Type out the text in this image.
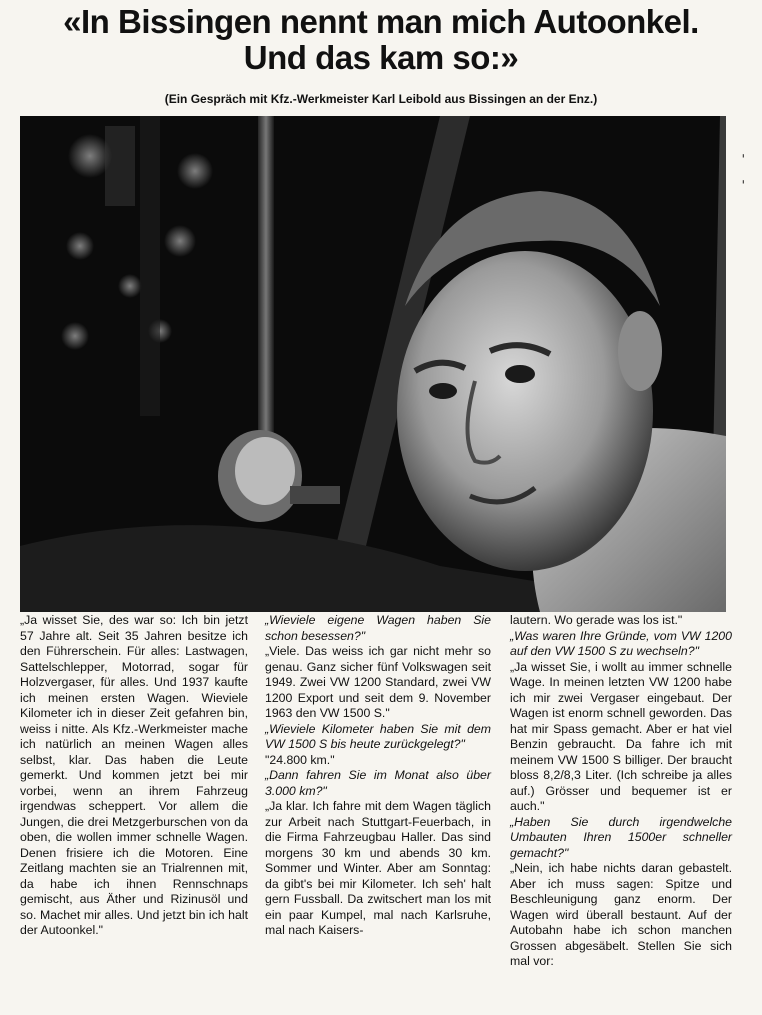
«In Bissingen nennt man mich Autoonkel.
Und das kam so:»
(Ein Gespräch mit Kfz.-Werkmeister Karl Leibold aus Bissingen an der Enz.)
ˈ
ˈ

„Ja wisset Sie, des war so: Ich bin jetzt 57 Jahre alt. Seit 35 Jahren besitze ich den Führerschein. Für alles: Lastwagen, Sattelschlepper, Motorrad, sogar für Holzvergaser, für alles. Und 1937 kaufte ich meinen ersten Wagen. Wieviele Kilometer ich in dieser Zeit gefahren bin, weiss i nitte. Als Kfz.-Werkmeister mache ich natürlich an meinen Wagen alles selbst, klar. Das haben die Leute gemerkt. Und kommen jetzt bei mir vorbei, wenn an ihrem Fahrzeug irgendwas scheppert. Vor allem die Jungen, die drei Metzgerburschen von da oben, die wollen immer schnelle Wagen. Denen frisiere ich die Motoren. Eine Zeitlang machten sie an Trialrennen mit, da habe ich ihnen Rennschnaps gemischt, aus Äther und Rizinusöl und so. Machet mir alles. Und jetzt bin ich halt der Autoonkel."

„Wieviele eigene Wagen haben Sie schon besessen?"

„Viele. Das weiss ich gar nicht mehr so genau. Ganz sicher fünf Volkswagen seit 1949. Zwei VW 1200 Standard, zwei VW 1200 Export und seit dem 9. November 1963 den VW 1500 S."

„Wieviele Kilometer haben Sie mit dem VW 1500 S bis heute zurückgelegt?"

"24.800 km."

„Dann fahren Sie im Monat also über 3.000 km?"

„Ja klar. Ich fahre mit dem Wagen täglich zur Arbeit nach Stuttgart-Feuerbach, in die Firma Fahrzeugbau Haller. Das sind morgens 30 km und abends 30 km. Sommer und Winter. Aber am Sonntag: da gibt's bei mir Kilometer. Ich seh' halt gern Fussball. Da zwitschert man los mit ein paar Kumpel, mal nach Karlsruhe, mal nach Kaisers-

lautern. Wo gerade was los ist."

„Was waren Ihre Gründe, vom VW 1200 auf den VW 1500 S zu wechseln?"

„Ja wisset Sie, i wollt au immer schnelle Wage. In meinen letzten VW 1200 habe ich mir zwei Vergaser eingebaut. Der Wagen ist enorm schnell geworden. Das hat mir Spass gemacht. Aber er hat viel Benzin gebraucht. Da fahre ich mit meinem VW 1500 S billiger. Der braucht bloss 8,2/8,3 Liter. (Ich schreibe ja alles auf.) Grösser und bequemer ist er auch."

„Haben Sie durch irgendwelche Umbauten Ihren 1500er schneller gemacht?"

„Nein, ich habe nichts daran gebastelt. Aber ich muss sagen: Spitze und Beschleunigung ganz enorm. Der Wagen wird überall bestaunt. Auf der Autobahn habe ich schon manchen Grossen abgesäbelt. Stellen Sie sich mal vor:
